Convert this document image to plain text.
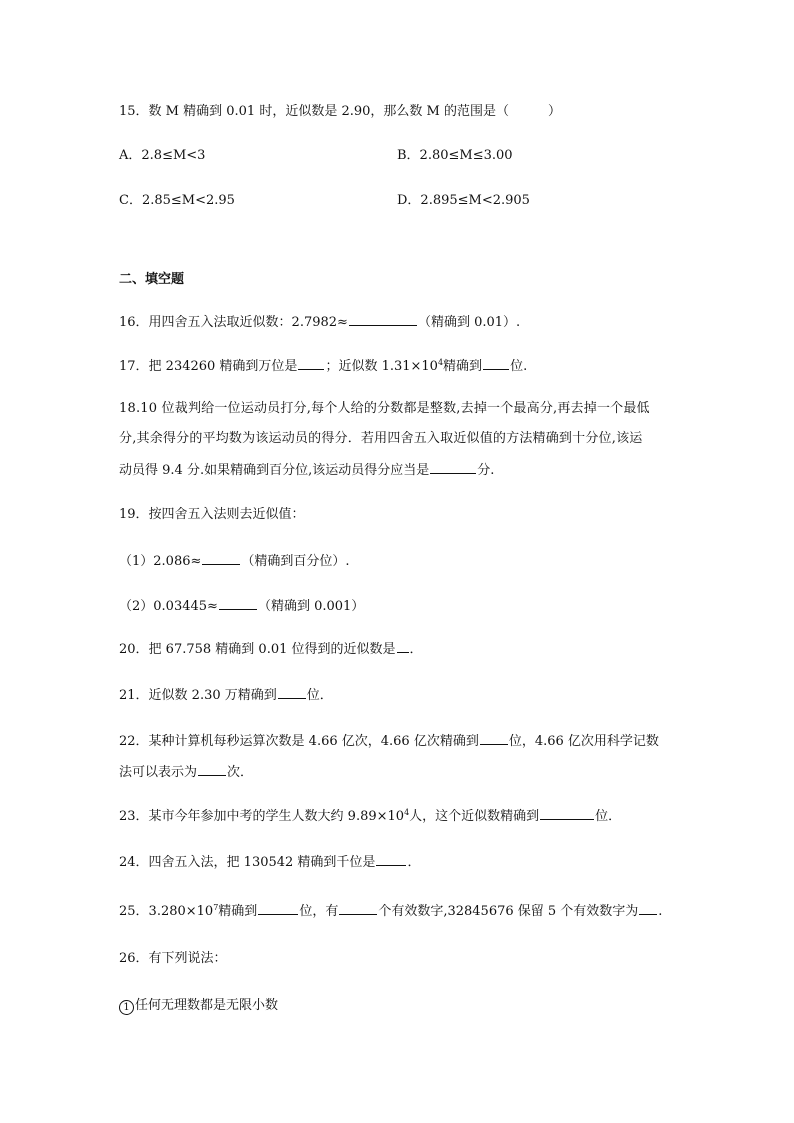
15．数 M 精确到 0.01 时，近似数是 2.90，那么数 M 的范围是（　　　）
A．2.8≤M<3	B．2.80≤M≤3.00
C．2.85≤M<2.95	D．2.895≤M<2.905
二、填空题
16．用四舍五入法取近似数：2.7982≈	（精确到 0.01）.
17．把 234260 精确到万位是 ；近似数 $1.31\times 10^4$精确到 位.
18.10 位裁判给一位运动员打分,每个人给的分数都是整数,去掉一个最高分,再去掉一个最低
分,其余得分的平均数为该运动员的得分．若用四舍五入取近似值的方法精确到十分位,该运
动员得 9.4 分.如果精确到百分位,该运动员得分应当是	分.
19．按四舍五入法则去近似值：
（1）2.086≈	（精确到百分位）.
（2）0.03445≈	（精确到 0.001）
20．把 67.758 精确到 0.01 位得到的近似数是 ．
21．近似数 2.30 万精确到 位．
22．某种计算机每秒运算次数是 4.66 亿次，4.66 亿次精确到 位，4.66 亿次用科学记数
法可以表示为 次．
23．某市今年参加中考的学生人数大约 $9.89\times 10^4$人，这个近似数精确到	位．
24．四舍五入法，把 130542 精确到千位是 ．
25．$3.280\times 10^7$精确到	位，有	个有效数字,32845676 保留 5 个有效数字为 .
26．有下列说法：
1 任何无理数都是无限小数
